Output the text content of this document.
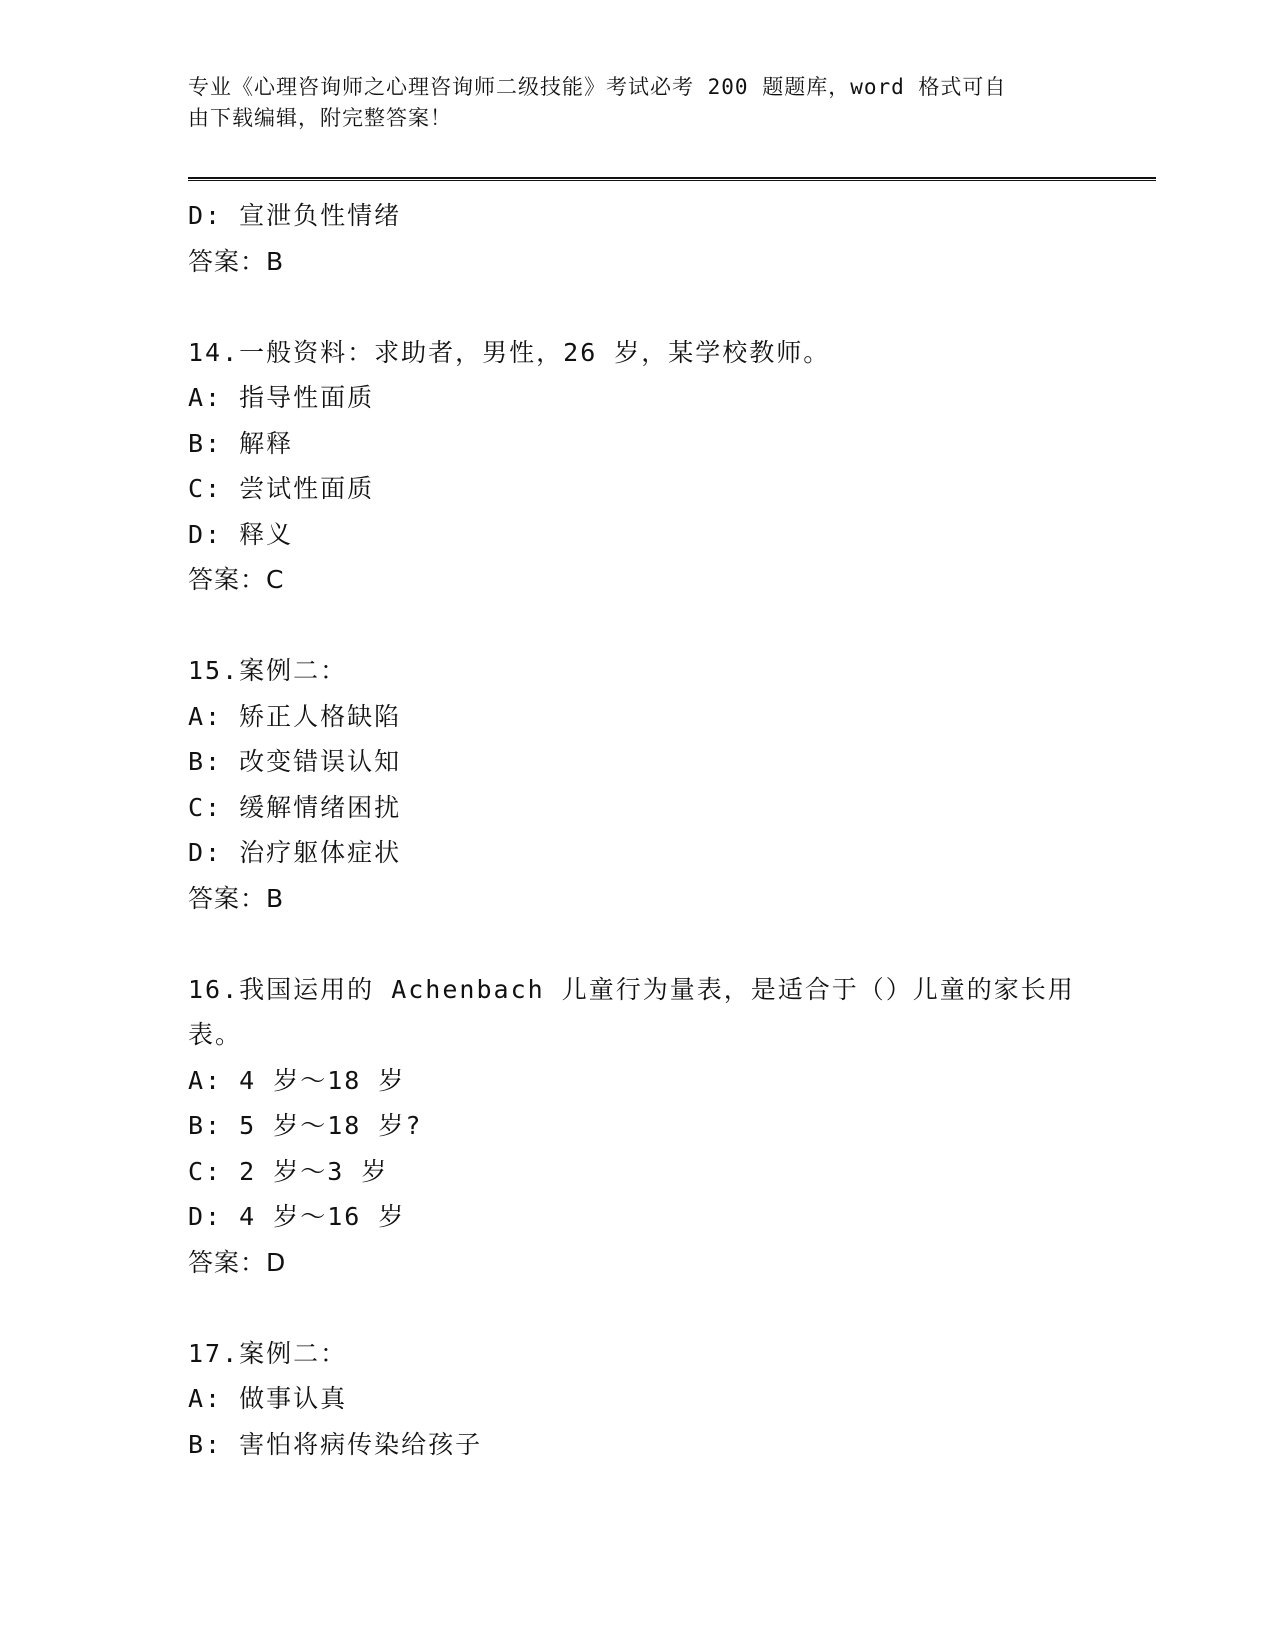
专业《心理咨询师之心理咨询师二级技能》考试必考 200 题题库，word 格式可自
由下载编辑，附完整答案！
D: 宣泄负性情绪
答案：B
14.一般资料：求助者，男性，26 岁，某学校教师。
A: 指导性面质
B: 解释
C: 尝试性面质
D: 释义
答案：C
15.案例二：
A: 矫正人格缺陷
B: 改变错误认知
C: 缓解情绪困扰
D: 治疗躯体症状
答案：B
16.我国运用的 Achenbach 儿童行为量表，是适合于（）儿童的家长用
表。
A: 4 岁～18 岁
B: 5 岁～18 岁?
C: 2 岁～3 岁
D: 4 岁～16 岁
答案：D
17.案例二：
A: 做事认真
B: 害怕将病传染给孩子
